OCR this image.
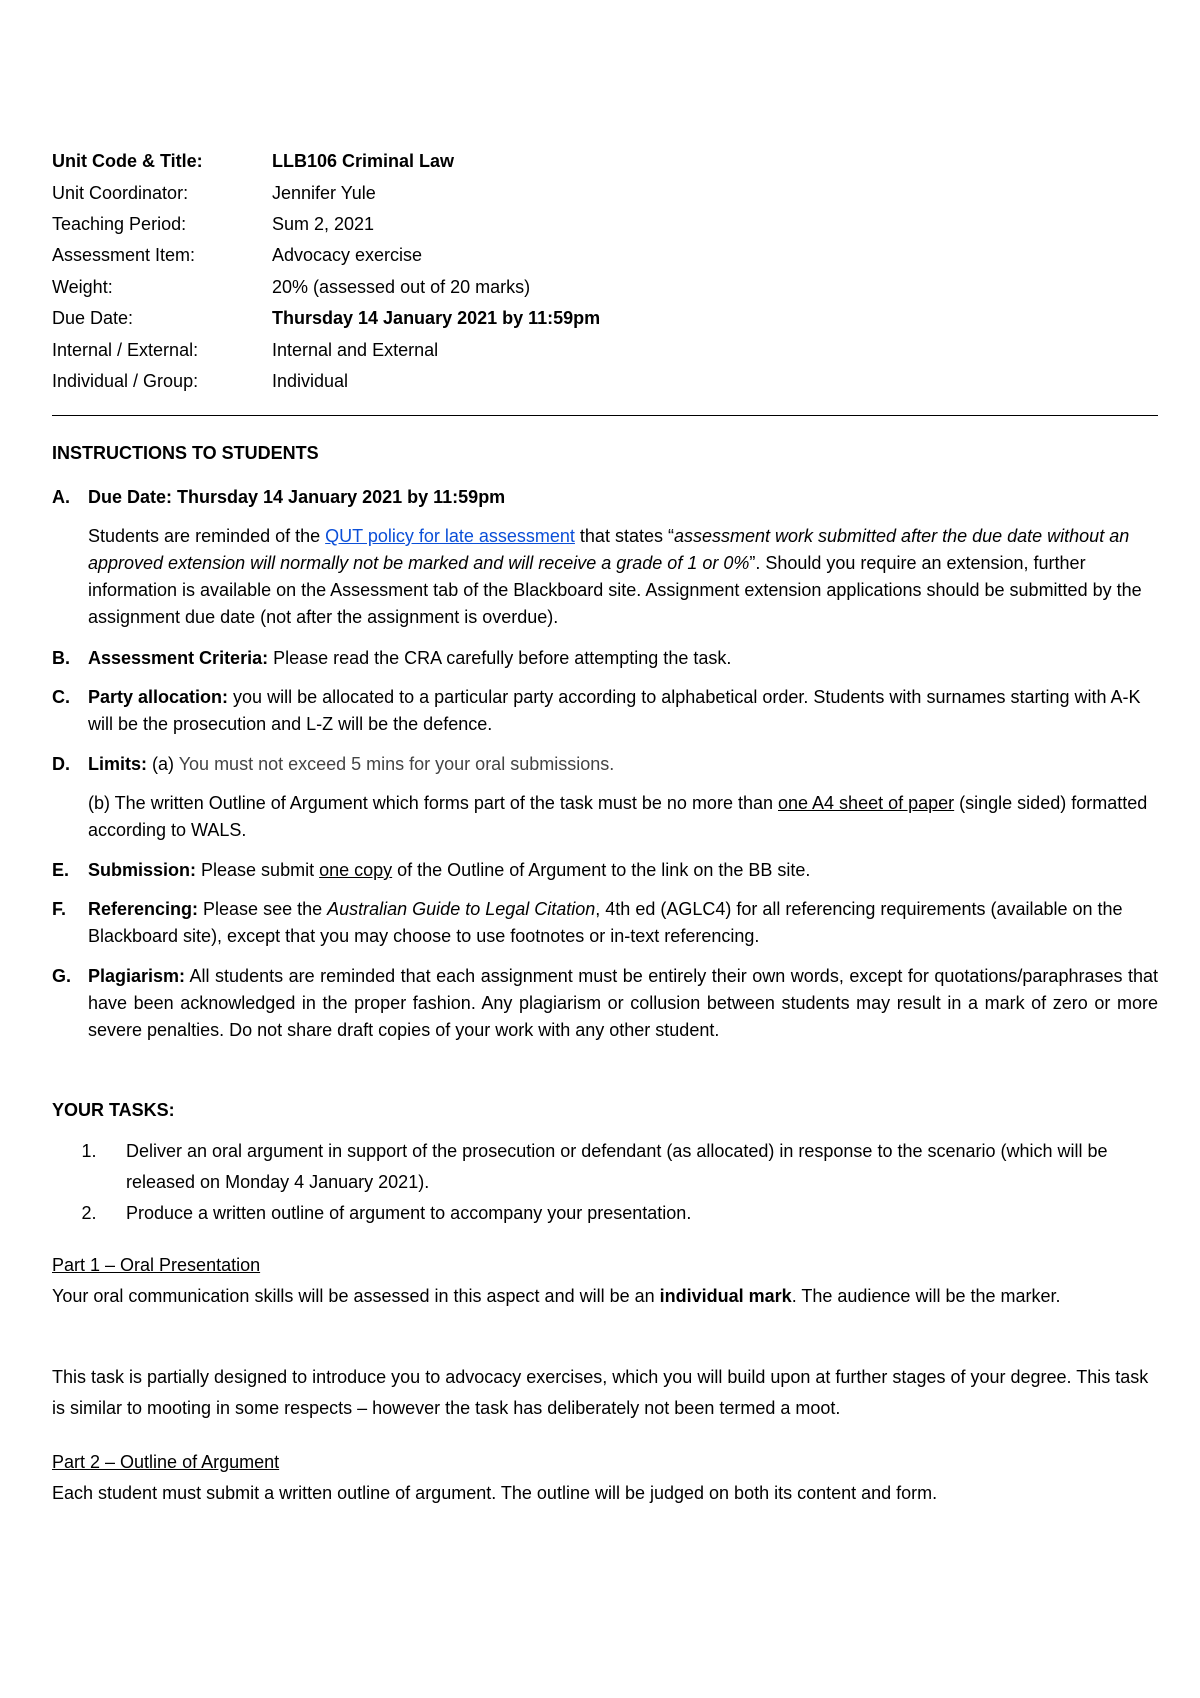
Unit Code & Title:	LLB106 Criminal Law
Unit Coordinator:	Jennifer Yule
Teaching Period:	Sum 2, 2021
Assessment Item:	Advocacy exercise
Weight:	20% (assessed out of 20 marks)
Due Date:	Thursday 14 January 2021 by 11:59pm
Internal / External:	Internal and External
Individual / Group:	Individual
INSTRUCTIONS TO STUDENTS
A.	Due Date: Thursday 14 January 2021 by 11:59pm
Students are reminded of the QUT policy for late assessment that states “assessment work submitted after the due date without an approved extension will normally not be marked and will receive a grade of 1 or 0%”. Should you require an extension, further information is available on the Assessment tab of the Blackboard site. Assignment extension applications should be submitted by the assignment due date (not after the assignment is overdue).
B.	Assessment Criteria: Please read the CRA carefully before attempting the task.
C.	Party allocation: you will be allocated to a particular party according to alphabetical order. Students with surnames starting with A-K will be the prosecution and L-Z will be the defence.
D.	Limits: (a) You must not exceed 5 mins for your oral submissions.
(b) The written Outline of Argument which forms part of the task must be no more than one A4 sheet of paper (single sided) formatted according to WALS.
E.	Submission: Please submit one copy of the Outline of Argument to the link on the BB site.
F.	Referencing: Please see the Australian Guide to Legal Citation, 4th ed (AGLC4) for all referencing requirements (available on the Blackboard site), except that you may choose to use footnotes or in-text referencing.
G. Plagiarism: All students are reminded that each assignment must be entirely their own words, except for quotations/paraphrases that have been acknowledged in the proper fashion. Any plagiarism or collusion between students may result in a mark of zero or more severe penalties. Do not share draft copies of your work with any other student.
YOUR TASKS:
1.	Deliver an oral argument in support of the prosecution or defendant (as allocated) in response to the scenario (which will be released on Monday 4 January 2021).
2.	Produce a written outline of argument to accompany your presentation.
Part 1 – Oral Presentation
Your oral communication skills will be assessed in this aspect and will be an individual mark. The audience will be the marker.
This task is partially designed to introduce you to advocacy exercises, which you will build upon at further stages of your degree. This task is similar to mooting in some respects – however the task has deliberately not been termed a moot.
Part 2 – Outline of Argument
Each student must submit a written outline of argument. The outline will be judged on both its content and form.
